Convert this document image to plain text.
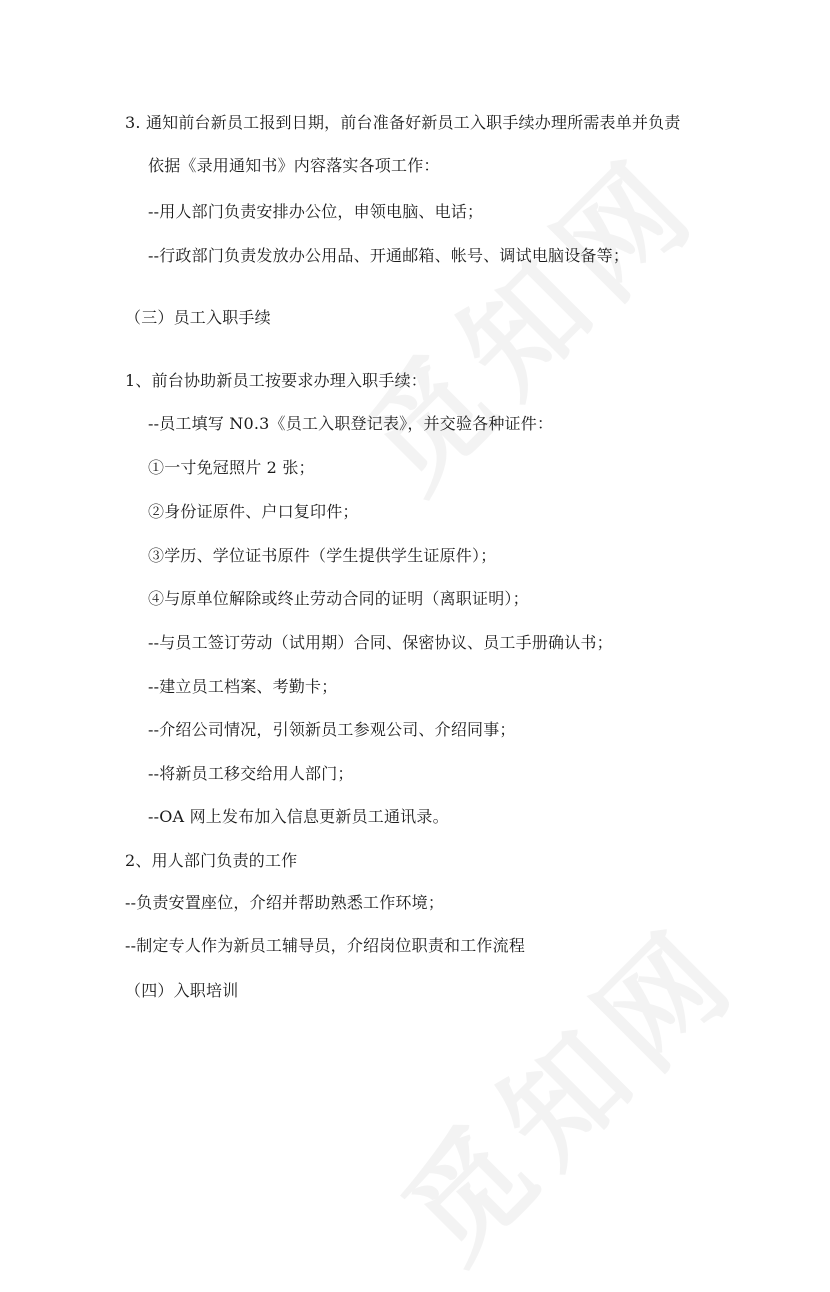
3. 通知前台新员工报到日期，前台准备好新员工入职手续办理所需表单并负责
依据《录用通知书》内容落实各项工作：
--用人部门负责安排办公位，申领电脑、电话；
--行政部门负责发放办公用品、开通邮箱、帐号、调试电脑设备等；
（三）员工入职手续
1、前台协助新员工按要求办理入职手续：
--员工填写 N0.3《员工入职登记表》，并交验各种证件：
①一寸免冠照片 2 张；
②身份证原件、户口复印件；
③学历、学位证书原件（学生提供学生证原件）；
④与原单位解除或终止劳动合同的证明（离职证明）；
--与员工签订劳动（试用期）合同、保密协议、员工手册确认书；
--建立员工档案、考勤卡；
--介绍公司情况，引领新员工参观公司、介绍同事；
--将新员工移交给用人部门；
--OA 网上发布加入信息更新员工通讯录。
2、用人部门负责的工作
--负责安置座位，介绍并帮助熟悉工作环境；
--制定专人作为新员工辅导员，介绍岗位职责和工作流程
（四）入职培训
